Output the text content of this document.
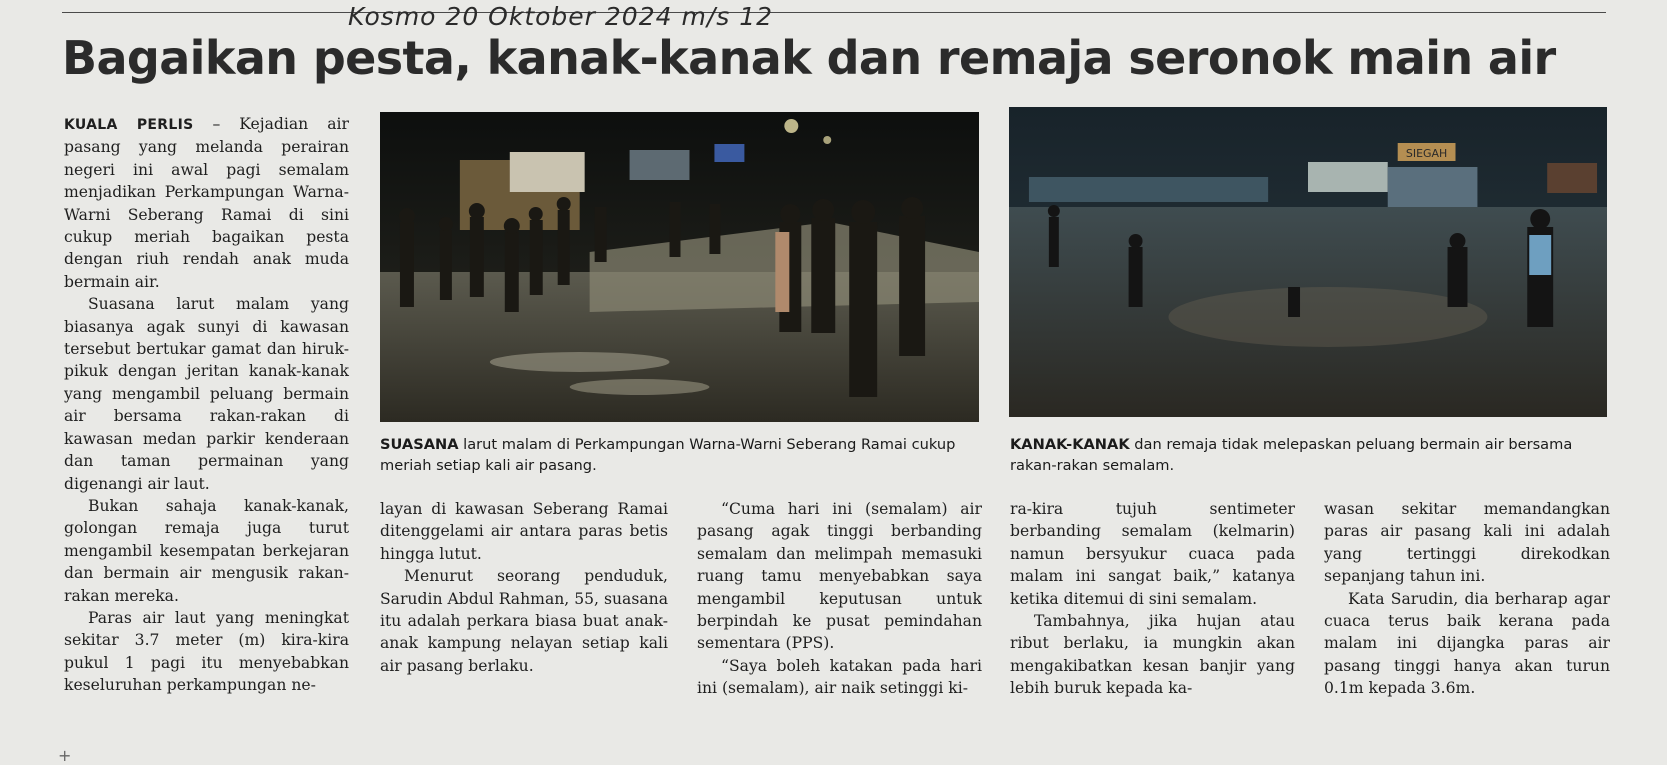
Kosmo 20 Oktober 2024 m/s 12
Bagaikan pesta, kanak-kanak dan remaja seronok main air

KUALA PERLIS – Kejadian air pasang yang melanda perairan negeri ini awal pagi semalam menjadikan Perkampungan Warna-Warni Seberang Ramai di sini cukup meriah bagaikan pesta dengan riuh rendah anak muda bermain air.

Suasana larut malam yang biasanya agak sunyi di kawasan tersebut bertukar gamat dan hiruk-pikuk dengan jeritan kanak-kanak yang mengambil peluang bermain air bersama rakan-rakan di kawasan medan parkir kenderaan dan taman permainan yang digenangi air laut.

Bukan sahaja kanak-kanak, golongan remaja juga turut mengambil kesempatan berkejaran dan bermain air mengusik rakan-rakan mereka.

Paras air laut yang meningkat sekitar 3.7 meter (m) kira-kira pukul 1 pagi itu menyebabkan keseluruhan perkampungan ne-

SIEGAH
SUASANA larut malam di Perkampungan Warna-Warni Seberang Ramai cukup meriah setiap kali air pasang.
KANAK-KANAK dan remaja tidak melepaskan peluang bermain air bersama rakan-rakan semalam.

layan di kawasan Seberang Ramai ditenggelami air antara paras betis hingga lutut.

Menurut seorang penduduk, Sarudin Abdul Rahman, 55, suasana itu adalah perkara biasa buat anak-anak kampung nelayan setiap kali air pasang berlaku.

“Cuma hari ini (semalam) air pasang agak tinggi berbanding semalam dan melimpah memasuki ruang tamu menyebabkan saya mengambil keputusan untuk berpindah ke pusat pemindahan sementara (PPS).

“Saya boleh katakan pada hari ini (semalam), air naik setinggi ki-

ra-kira tujuh sentimeter berbanding semalam (kelmarin) namun bersyukur cuaca pada malam ini sangat baik,” katanya ketika ditemui di sini semalam.

Tambahnya, jika hujan atau ribut berlaku, ia mungkin akan mengakibatkan kesan banjir yang lebih buruk kepada ka-

wasan sekitar memandangkan paras air pasang kali ini adalah yang tertinggi direkodkan sepanjang tahun ini.

Kata Sarudin, dia berharap agar cuaca terus baik kerana pada malam ini dijangka paras air pasang tinggi hanya akan turun 0.1m kepada 3.6m.

+
